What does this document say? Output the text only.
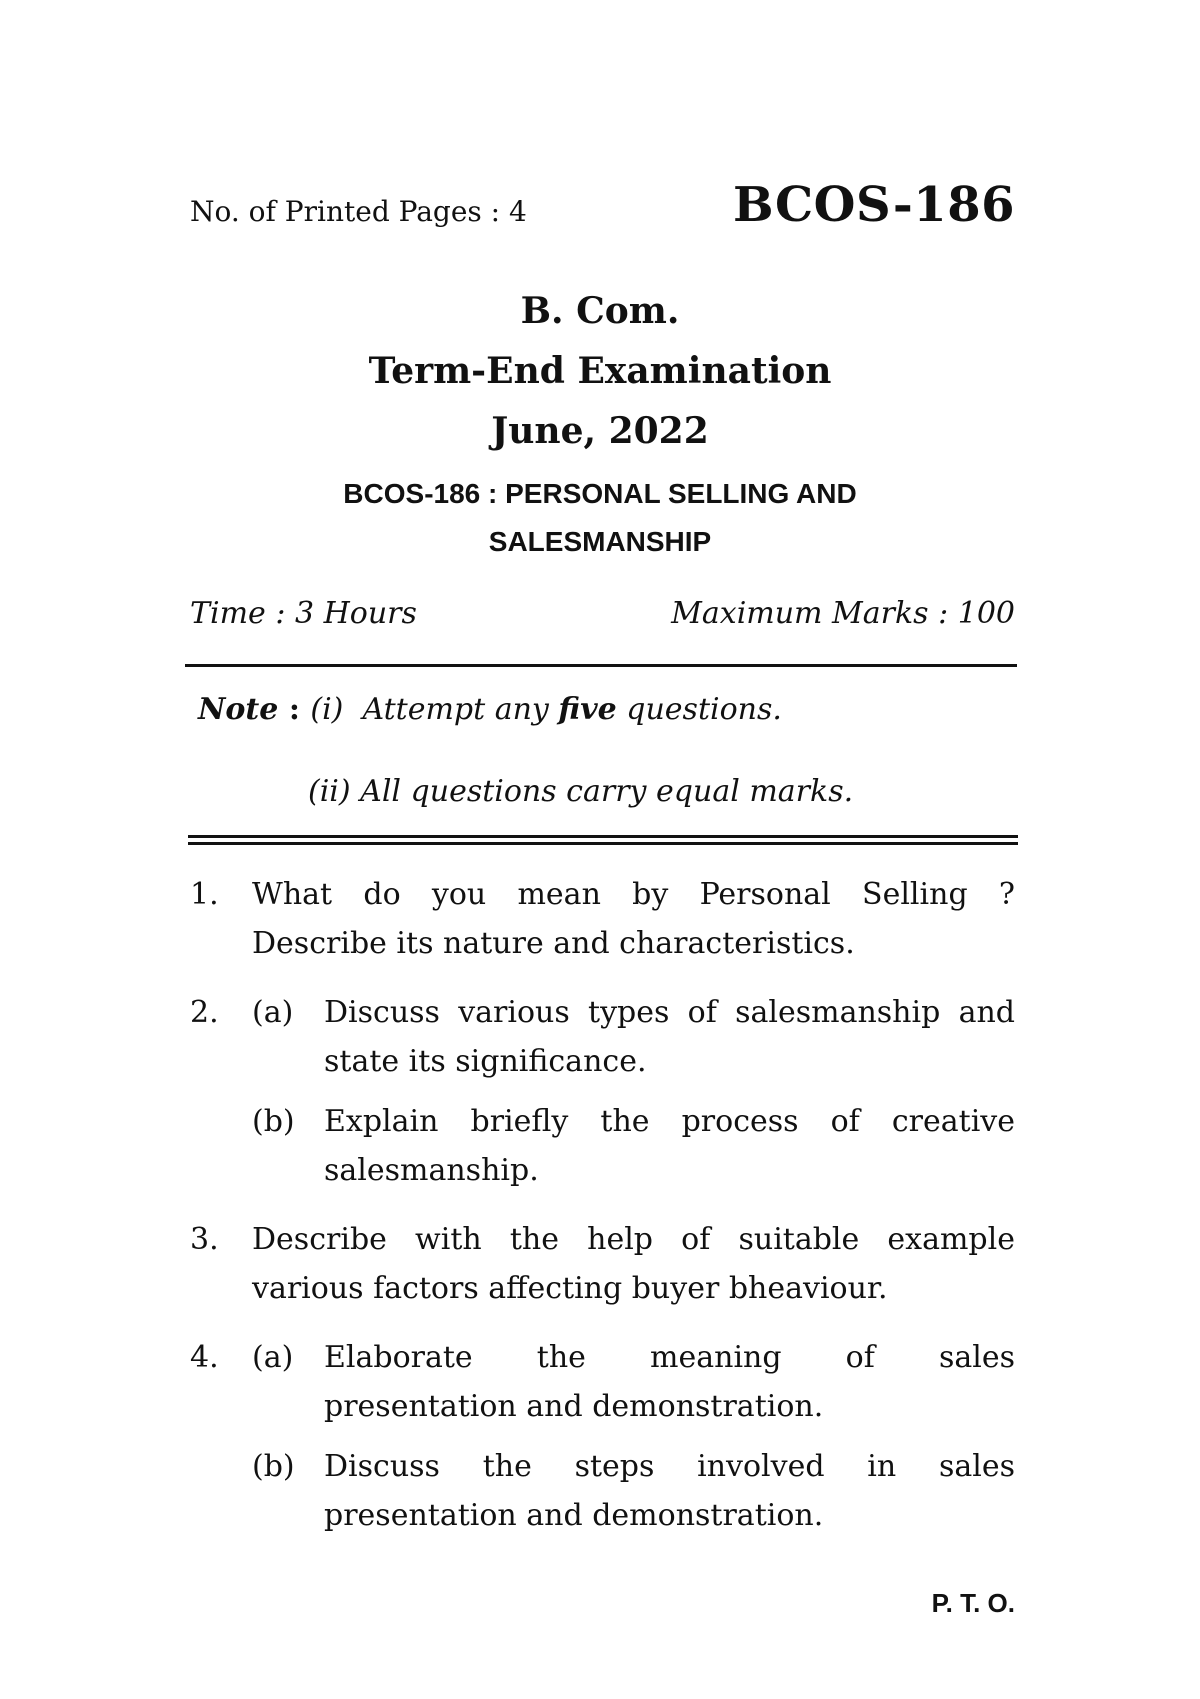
No. of Printed Pages : 4	BCOS-186
B. Com.
Term-End Examination
June, 2022
BCOS-186 : PERSONAL SELLING AND
SALESMANSHIP
Time : 3 Hours	Maximum Marks : 100
Note : (i) Attempt any five questions.
(ii) All questions carry equal marks.
1. What do you mean by Personal Selling ?
Describe its nature and characteristics.
2. (a) Discuss various types of salesmanship and
state its significance.
(b) Explain briefly the process of creative
salesmanship.
3. Describe with the help of suitable example
various factors affecting buyer bheaviour.
4. (a) Elaborate the meaning of sales
presentation and demonstration.
(b) Discuss the steps involved in sales
presentation and demonstration.
P. T. O.
